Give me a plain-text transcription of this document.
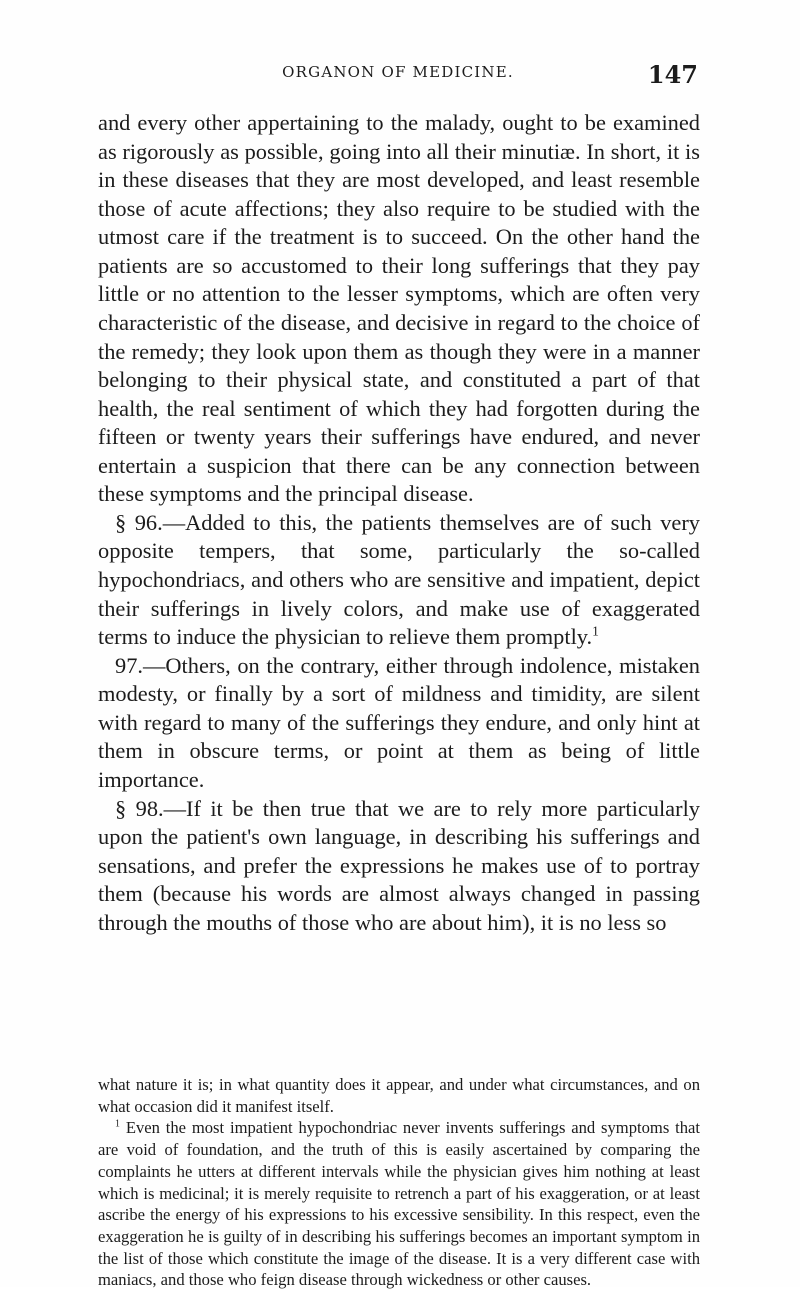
ORGANON OF MEDICINE.	147

and every other appertaining to the malady, ought to be examined as rigorously as possible, going into all their minutiæ. In short, it is in these diseases that they are most developed, and least resemble those of acute affections; they also require to be studied with the utmost care if the treatment is to succeed. On the other hand the patients are so accustomed to their long sufferings that they pay little or no attention to the lesser symptoms, which are often very characteristic of the disease, and decisive in regard to the choice of the remedy; they look upon them as though they were in a manner belonging to their physical state, and constituted a part of that health, the real sentiment of which they had forgotten during the fifteen or twenty years their sufferings have endured, and never entertain a suspicion that there can be any connection between these symptoms and the principal disease.

§ 96.—Added to this, the patients themselves are of such very opposite tempers, that some, particularly the so-called hypochondriacs, and others who are sensitive and impatient, depict their sufferings in lively colors, and make use of exaggerated terms to induce the physician to relieve them promptly.$^1$

97.—Others, on the contrary, either through indolence, mistaken modesty, or finally by a sort of mildness and timidity, are silent with regard to many of the sufferings they endure, and only hint at them in obscure terms, or point at them as being of little importance.

§ 98.—If it be then true that we are to rely more particularly upon the patient's own language, in describing his sufferings and sensations, and prefer the expressions he makes use of to portray them (because his words are almost always changed in passing through the mouths of those who are about him), it is no less so

what nature it is; in what quantity does it appear, and under what circumstances, and on what occasion did it manifest itself.

$^1$ Even the most impatient hypochondriac never invents sufferings and symptoms that are void of foundation, and the truth of this is easily ascertained by comparing the complaints he utters at different intervals while the physician gives him nothing at least which is medicinal; it is merely requisite to retrench a part of his exaggeration, or at least ascribe the energy of his expressions to his excessive sensibility. In this respect, even the exaggeration he is guilty of in describing his sufferings becomes an important symptom in the list of those which constitute the image of the disease. It is a very different case with maniacs, and those who feign disease through wickedness or other causes.
